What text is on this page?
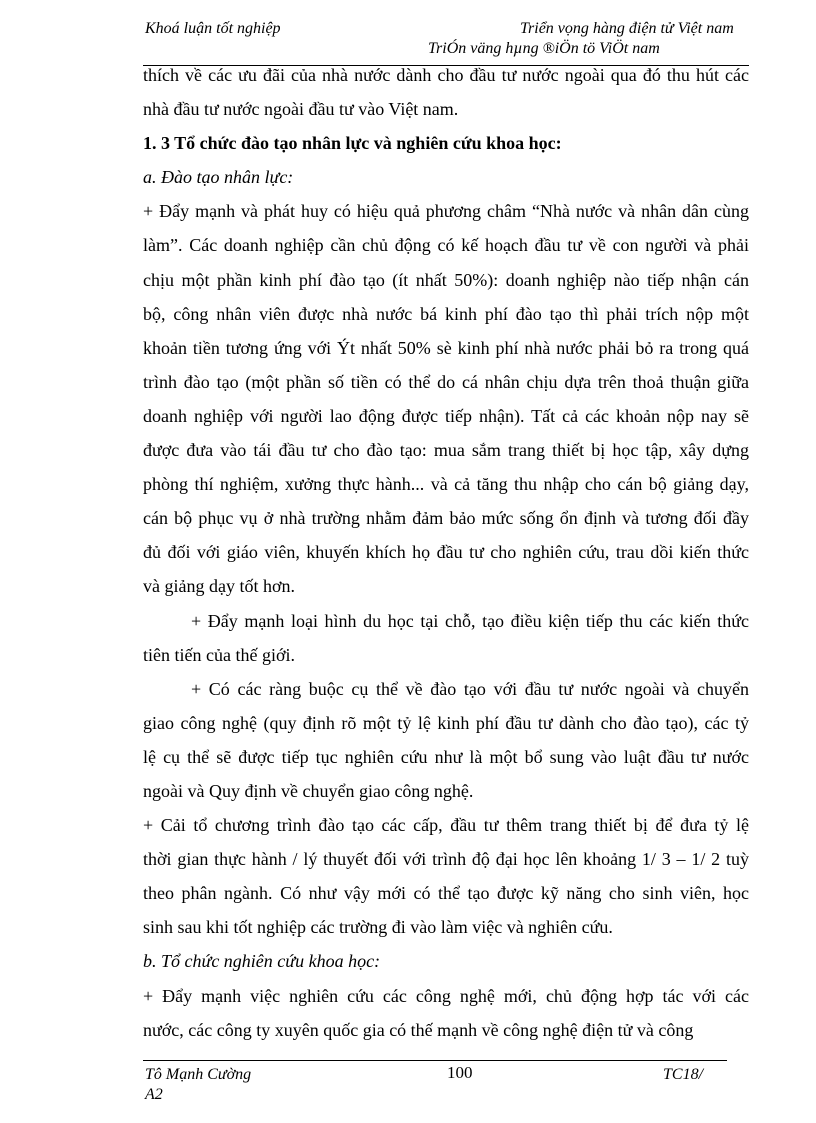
Khoá luận tốt nghiệp	Triển vọng hàng điện tử Việt nam
TriÓn väng hµng ®iÖn tö ViÖt nam
thích về các ưu đãi của nhà nước dành cho đầu tư nước ngoài qua đó thu hút các
nhà đầu tư nước ngoài đầu tư vào Việt nam.
1. 3 Tổ chức đào tạo nhân lực và nghiên cứu khoa học:
a. Đào tạo nhân lực:
+ Đẩy mạnh và phát huy có hiệu quả phương châm “Nhà nước và nhân dân cùng
làm”. Các doanh nghiệp cần chủ động có kế hoạch đầu tư về con người và phải
chịu một phần kinh phí đào tạo (ít nhất 50%): doanh nghiệp nào tiếp nhận cán
bộ, công nhân viên được nhà nước bá kinh phí đào tạo thì phải trích nộp một
khoản tiền tương ứng với Ýt nhất 50% sè kinh phí nhà nước phải bỏ ra trong quá
trình đào tạo (một phần số tiền có thể do cá nhân chịu dựa trên thoả thuận giữa
doanh nghiệp với người lao động được tiếp nhận). Tất cả các khoản nộp nay sẽ
được đưa vào tái đầu tư cho đào tạo: mua sắm trang thiết bị học tập, xây dựng
phòng thí nghiệm, xưởng thực hành... và cả tăng thu nhập cho cán bộ giảng dạy,
cán bộ phục vụ ở nhà trường nhằm đảm bảo mức sống ổn định và tương đối đầy
đủ đối với giáo viên, khuyến khích họ đầu tư cho nghiên cứu, trau dồi kiến thức
và giảng dạy tốt hơn.
+ Đẩy mạnh loại hình du học tại chỗ, tạo điều kiện tiếp thu các kiến thức
tiên tiến của thế giới.
+ Có các ràng buộc cụ thể về đào tạo với đầu tư nước ngoài và chuyển
giao công nghệ (quy định rõ một tỷ lệ kinh phí đầu tư dành cho đào tạo), các tỷ
lệ cụ thể sẽ được tiếp tục nghiên cứu như là một bổ sung vào luật đầu tư nước
ngoài và Quy định về chuyển giao công nghệ.
+ Cải tổ chương trình đào tạo các cấp, đầu tư thêm trang thiết bị để đưa tỷ lệ
thời gian thực hành / lý thuyết đối với trình độ đại học lên khoảng 1/ 3 – 1/ 2 tuỳ
theo phân ngành. Có như vậy mới có thể tạo được kỹ năng cho sinh viên, học
sinh sau khi tốt nghiệp các trường đi vào làm việc và nghiên cứu.
b. Tổ chức nghiên cứu khoa học:
+ Đẩy mạnh việc nghiên cứu các công nghệ mới, chủ động hợp tác với các
nước, các công ty xuyên quốc gia có thế mạnh về công nghệ điện tử và công
Tô Mạnh Cường	100	TC18/
A2
